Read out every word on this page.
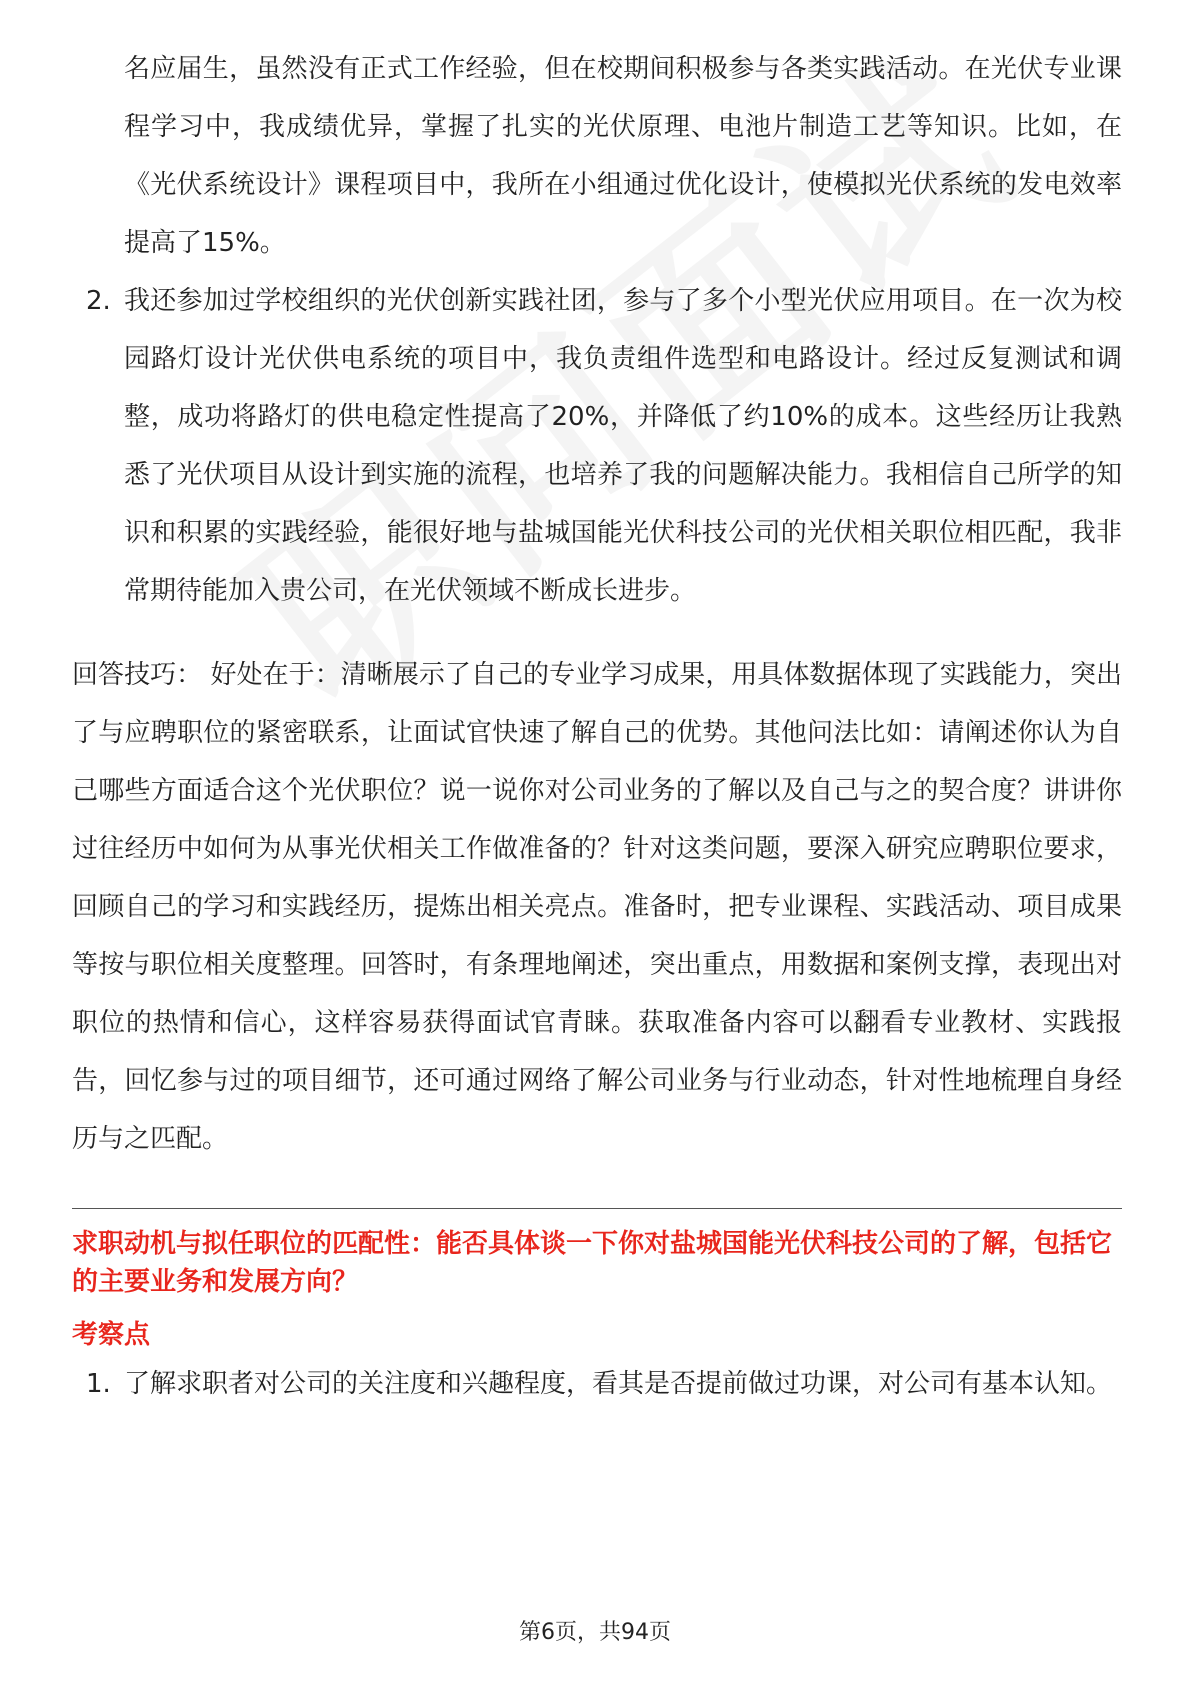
名应届生，虽然没有正式工作经验，但在校期间积极参与各类实践活动。在光伏专业课程学习中，我成绩优异，掌握了扎实的光伏原理、电池片制造工艺等知识。比如，在《光伏系统设计》课程项目中，我所在小组通过优化设计，使模拟光伏系统的发电效率提高了15%。

2. 我还参加过学校组织的光伏创新实践社团，参与了多个小型光伏应用项目。在一次为校园路灯设计光伏供电系统的项目中，我负责组件选型和电路设计。经过反复测试和调整，成功将路灯的供电稳定性提高了20%，并降低了约10%的成本。这些经历让我熟悉了光伏项目从设计到实施的流程，也培养了我的问题解决能力。我相信自己所学的知识和积累的实践经验，能很好地与盐城国能光伏科技公司的光伏相关职位相匹配，我非常期待能加入贵公司，在光伏领域不断成长进步。

回答技巧： 好处在于：清晰展示了自己的专业学习成果，用具体数据体现了实践能力，突出了与应聘职位的紧密联系，让面试官快速了解自己的优势。其他问法比如：请阐述你认为自己哪些方面适合这个光伏职位？说一说你对公司业务的了解以及自己与之的契合度？讲讲你过往经历中如何为从事光伏相关工作做准备的？针对这类问题，要深入研究应聘职位要求，回顾自己的学习和实践经历，提炼出相关亮点。准备时，把专业课程、实践活动、项目成果等按与职位相关度整理。回答时，有条理地阐述，突出重点，用数据和案例支撑，表现出对职位的热情和信心，这样容易获得面试官青睐。获取准备内容可以翻看专业教材、实践报告，回忆参与过的项目细节，还可通过网络了解公司业务与行业动态，针对性地梳理自身经历与之匹配。

求职动机与拟任职位的匹配性：能否具体谈一下你对盐城国能光伏科技公司的了解，包括它的主要业务和发展方向？
考察点
1. 了解求职者对公司的关注度和兴趣程度，看其是否提前做过功课，对公司有基本认知。
第6页，共94页
